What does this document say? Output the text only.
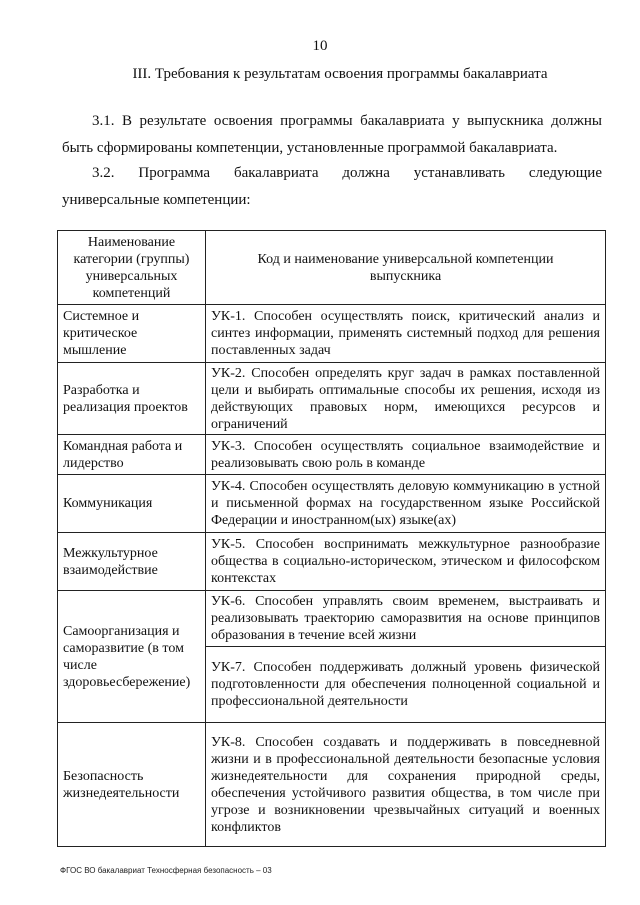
10
III. Требования к результатам освоения программы бакалавриата
3.1. В результате освоения программы бакалавриата у выпускника должны быть сформированы компетенции, установленные программой бакалавриата.
3.2. Программа бакалавриата должна устанавливать следующие универсальные компетенции:
Наименование категории (группы) универсальных компетенций	Код и наименование универсальной компетенции выпускника
Системное и критическое мышление	УК-1. Способен осуществлять поиск, критический анализ и синтез информации, применять системный подход для решения поставленных задач
Разработка и реализация проектов	УК-2. Способен определять круг задач в рамках поставленной цели и выбирать оптимальные способы их решения, исходя из действующих правовых норм, имеющихся ресурсов и ограничений
Командная работа и лидерство	УК-3. Способен осуществлять социальное взаимодействие и реализовывать свою роль в команде
Коммуникация	УК-4. Способен осуществлять деловую коммуникацию в устной и письменной формах на государственном языке Российской Федерации и иностранном(ых) языке(ах)
Межкультурное взаимодействие	УК-5. Способен воспринимать межкультурное разнообразие общества в социально-историческом, этическом и философском контекстах
Самоорганизация и саморазвитие (в том числе здоровьесбережение)	УК-6. Способен управлять своим временем, выстраивать и реализовывать траекторию саморазвития на основе принципов образования в течение всей жизни
	УК-7. Способен поддерживать должный уровень физической подготовленности для обеспечения полноценной социальной и профессиональной деятельности
Безопасность жизнедеятельности	УК-8. Способен создавать и поддерживать в повседневной жизни и в профессиональной деятельности безопасные условия жизнедеятельности для сохранения природной среды, обеспечения устойчивого развития общества, в том числе при угрозе и возникновении чрезвычайных ситуаций и военных конфликтов
ФГОС ВО бакалавриат Техносферная безопасность – 03
